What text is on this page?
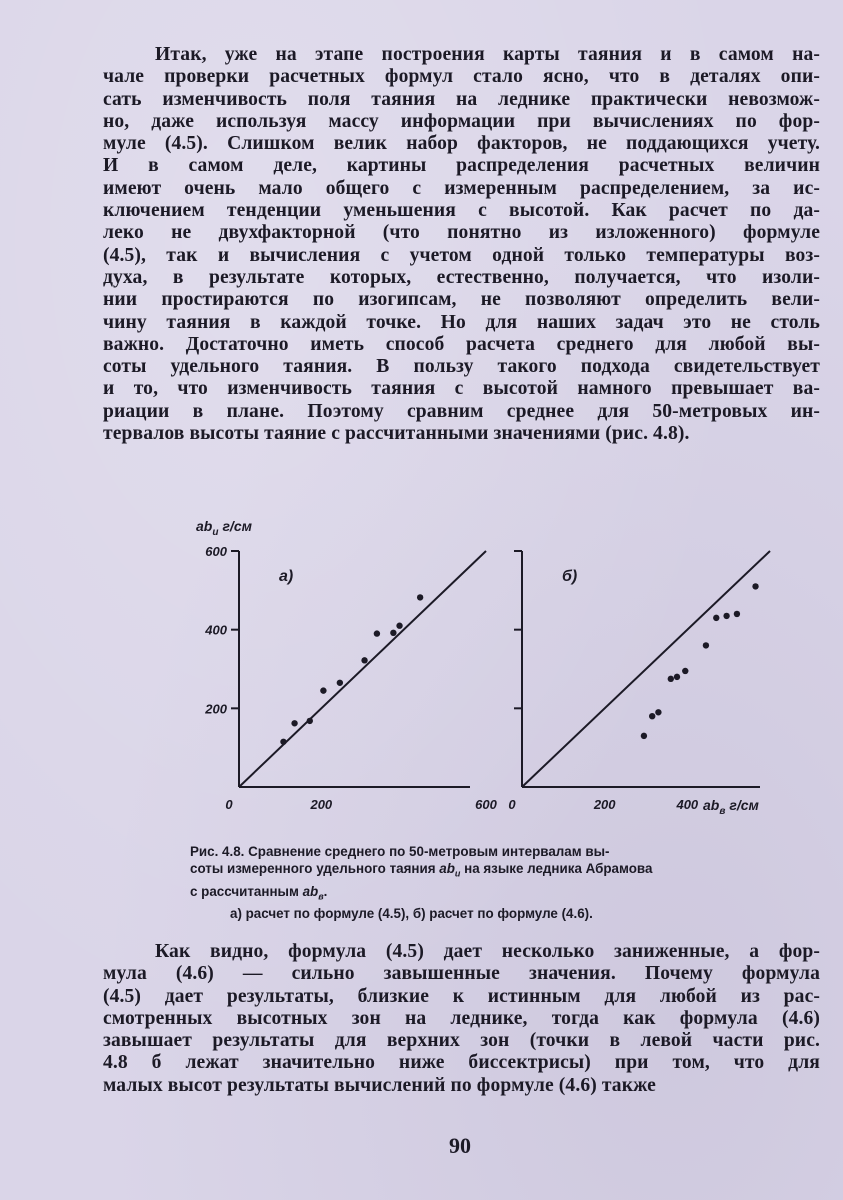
Итак, уже на этапе построения карты таяния и в самом на-

чале проверки расчетных формул стало ясно, что в деталях опи-

сать изменчивость поля таяния на леднике практически невозмож-

но, даже используя массу информации при вычислениях по фор-

муле (4.5). Слишком велик набор факторов, не поддающихся учету.

И в самом деле, картины распределения расчетных величин

имеют очень мало общего с измеренным распределением, за ис-

ключением тенденции уменьшения с высотой. Как расчет по да-

леко не двухфакторной (что понятно из изложенного) формуле

(4.5), так и вычисления с учетом одной только температуры воз-

духа, в результате которых, естественно, получается, что изоли-

нии простираются по изогипсам, не позволяют определить вели-

чину таяния в каждой точке. Но для наших задач это не столь

важно. Достаточно иметь способ расчета среднего для любой вы-

соты удельного таяния. В пользу такого подхода свидетельствует

и то, что изменчивость таяния с высотой намного превышает ва-

риации в плане. Поэтому сравним среднее для 50-метровых ин-

тервалов высоты таяние с рассчитанными значениями (рис. 4.8).

200
400
600
0	200	600
а)
$ab_и$ г/см
0	200	400
б)
$ab_в$ г/см
Рис. 4.8. Сравнение среднего по 50-метровым интервалам вы-
соты измеренного удельного таяния $ab_и$ на языке ледника Абрамова
с рассчитанным $ab_в$.
а) расчет по формуле (4.5), б) расчет по формуле (4.6).

Как видно, формула (4.5) дает несколько заниженные, а фор-

мула (4.6) — сильно завышенные значения. Почему формула

(4.5) дает результаты, близкие к истинным для любой из рас-

смотренных высотных зон на леднике, тогда как формула (4.6)

завышает результаты для верхних зон (точки в левой части рис.

4.8 б лежат значительно ниже биссектрисы) при том, что для

малых высот результаты вычислений по формуле (4.6) также

90
